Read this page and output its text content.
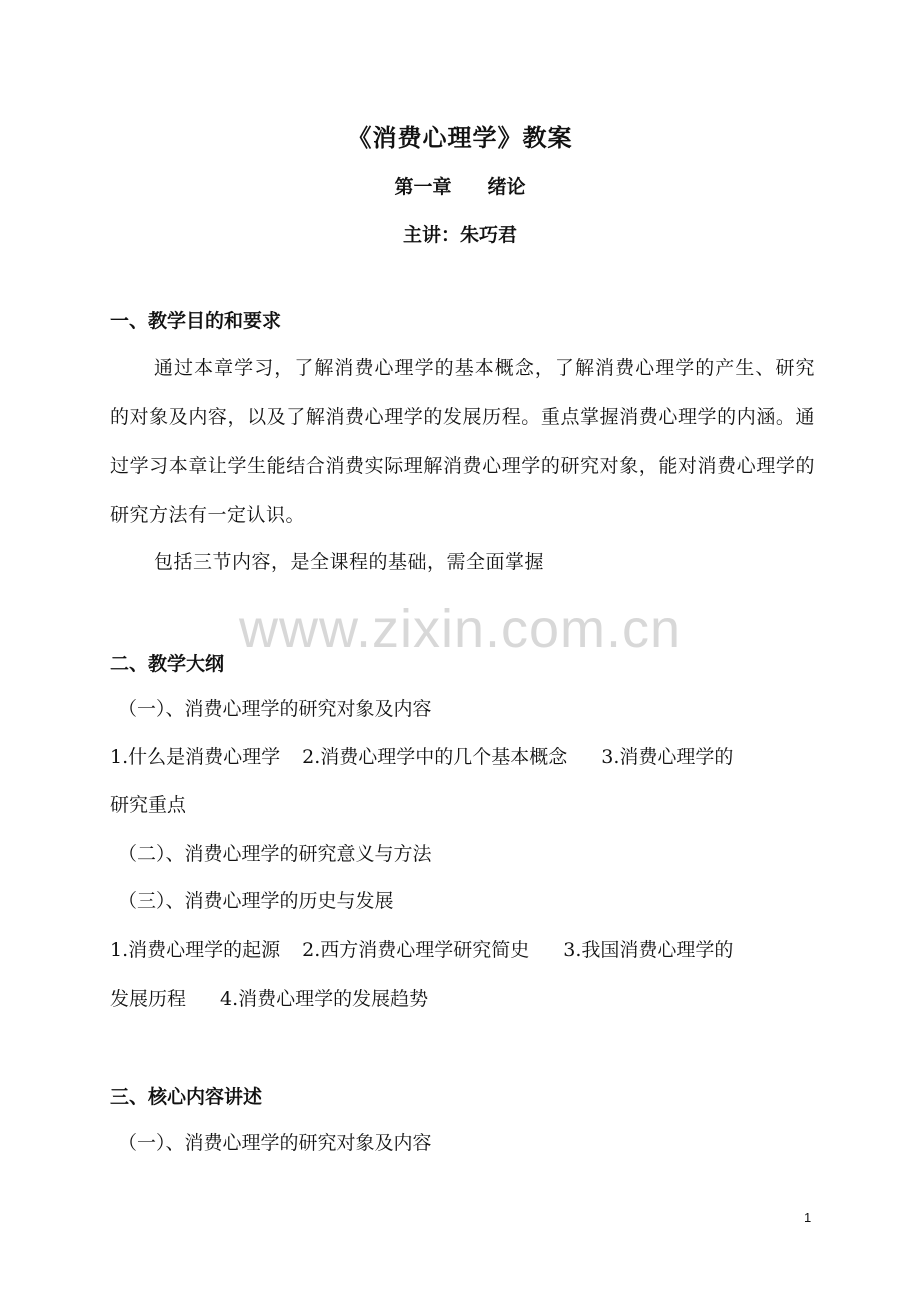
《消费心理学》教案
第一章 绪论
主讲：朱巧君
一、教学目的和要求
通过本章学习，了解消费心理学的基本概念，了解消费心理学的产生、研究的对象及内容，以及了解消费心理学的发展历程。重点掌握消费心理学的内涵。通过学习本章让学生能结合消费实际理解消费心理学的研究对象，能对消费心理学的研究方法有一定认识。
包括三节内容，是全课程的基础，需全面掌握
www.zixin.com.cn
二、教学大纲
（一）、消费心理学的研究对象及内容
1.什么是消费心理学 2.消费心理学中的几个基本概念 3.消费心理学的
研究重点
（二）、消费心理学的研究意义与方法
（三）、消费心理学的历史与发展
1.消费心理学的起源 2.西方消费心理学研究简史 3.我国消费心理学的
发展历程 4.消费心理学的发展趋势
三、核心内容讲述
（一）、消费心理学的研究对象及内容
1
